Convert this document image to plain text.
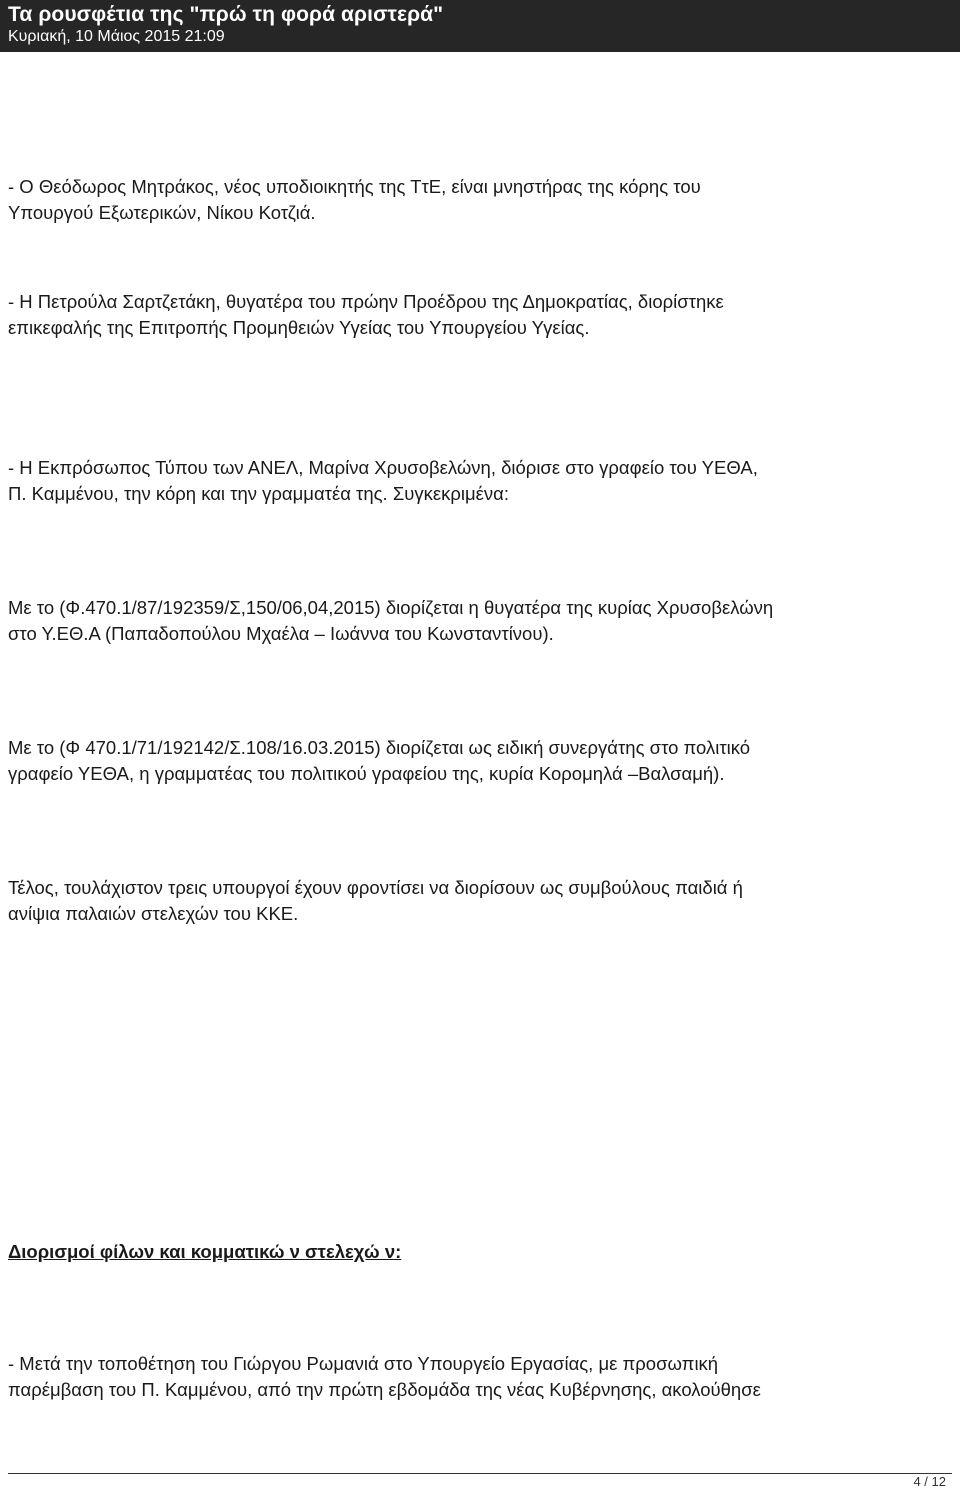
Τα ρουσφέτια της "πρώ τη φορά αριστερά"
Κυριακή, 10 Μάιος 2015 21:09
- Ο Θεόδωρος Μητράκος, νέος υποδιοικητής της ΤτΕ, είναι μνηστήρας της κόρης του
Υπουργού Εξωτερικών, Νίκου Κοτζιά.
- Η Πετρούλα Σαρτζετάκη, θυγατέρα του πρώην Προέδρου της Δημοκρατίας, διορίστηκε
επικεφαλής της Επιτροπής Προμηθειών Υγείας του Υπουργείου Υγείας.
- Η Εκπρόσωπος Τύπου των ΑΝΕΛ, Μαρίνα Χρυσοβελώνη, διόρισε στο γραφείο του ΥΕΘΑ,
Π. Καμμένου, την κόρη και την γραμματέα της. Συγκεκριμένα:
Με το (Φ.470.1/87/192359/Σ,150/06,04,2015) διορίζεται η θυγατέρα της κυρίας Χρυσοβελώνη
στο Υ.ΕΘ.Α (Παπαδοπούλου Μχαέλα – Ιωάννα του Κωνσταντίνου).
Με το (Φ 470.1/71/192142/Σ.108/16.03.2015) διορίζεται ως ειδική συνεργάτης στο πολιτικό
γραφείο ΥΕΘΑ, η γραμματέας του πολιτικού γραφείου της, κυρία Κορομηλά –Βαλσαμή).
Τέλος, τουλάχιστον τρεις υπουργοί έχουν φροντίσει να διορίσουν ως συμβούλους παιδιά ή
ανίψια παλαιών στελεχών του ΚΚΕ.
Διορισμοί φίλων και κομματικώ ν στελεχώ ν:
- Μετά την τοποθέτηση του Γιώργου Ρωμανιά στο Υπουργείο Εργασίας, με προσωπική
παρέμβαση του Π. Καμμένου, από την πρώτη εβδομάδα της νέας Κυβέρνησης, ακολούθησε
4 / 12
